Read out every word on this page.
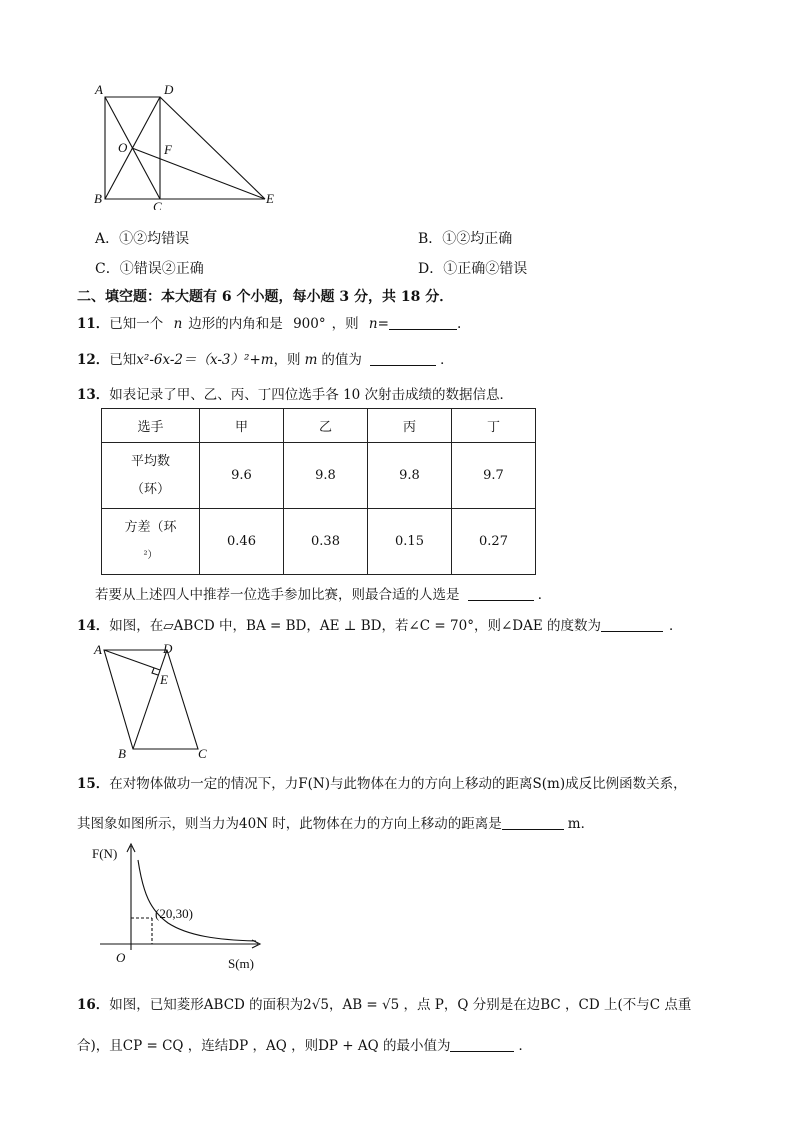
A	D
O	F
B
C
E
A．①②均错误	B．①②均正确
C．①错误②正确	D．①正确②错误
二、填空题：本大题有 6 个小题，每小题 3 分，共 18 分．
11．已知一个 n 边形的内角和是 900° ，则 n=	.
12．已知x²-6x-2＝（x-3）²+m，则 m 的值为	．
13．如表记录了甲、乙、丙、丁四位选手各 10 次射击成绩的数据信息．
选手	甲	乙	丙	丁

平均数
（环）	9.6	9.8	9.8	9.7

方差（环
²）	0.46	0.38	0.15	0.27
若要从上述四人中推荐一位选手参加比赛，则最合适的人选是	．
14．如图，在▱ABCD 中，BA = BD，AE ⊥ BD，若∠C = 70°，则∠DAE 的度数为	．
A	D
E
B	C
15．在对物体做功一定的情况下，力F(N)与此物体在力的方向上移动的距离S(m)成反比例函数关系，
其图象如图所示，则当力为40N 时，此物体在力的方向上移动的距离是	m．
F(N)
O	S(m)
(20,30)
16．如图，已知菱形ABCD 的面积为2√5，AB = √5 ，点 P，Q 分别是在边BC ，CD 上(不与C 点重
合)，且CP = CQ ，连结DP ，AQ ，则DP + AQ 的最小值为	．
